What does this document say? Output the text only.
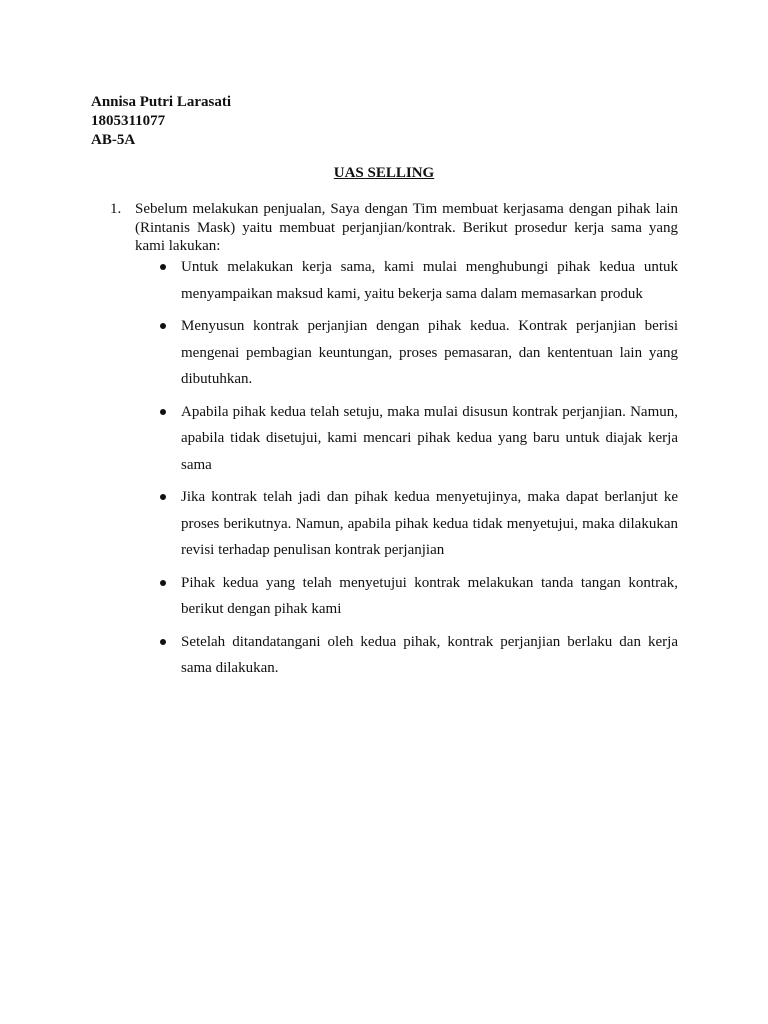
Annisa Putri Larasati
1805311077
AB-5A
UAS SELLING
1. Sebelum melakukan penjualan, Saya dengan Tim membuat kerjasama dengan pihak lain (Rintanis Mask) yaitu membuat perjanjian/kontrak. Berikut prosedur kerja sama yang kami lakukan:
Untuk melakukan kerja sama, kami mulai menghubungi pihak kedua untuk menyampaikan maksud kami, yaitu bekerja sama dalam memasarkan produk
Menyusun kontrak perjanjian dengan pihak kedua. Kontrak perjanjian berisi mengenai pembagian keuntungan, proses pemasaran, dan kententuan lain yang dibutuhkan.
Apabila pihak kedua telah setuju, maka mulai disusun kontrak perjanjian. Namun, apabila tidak disetujui, kami mencari pihak kedua yang baru untuk diajak kerja sama
Jika kontrak telah jadi dan pihak kedua menyetujinya, maka dapat berlanjut ke proses berikutnya. Namun, apabila pihak kedua tidak menyetujui, maka dilakukan revisi terhadap penulisan kontrak perjanjian
Pihak kedua yang telah menyetujui kontrak melakukan tanda tangan kontrak, berikut dengan pihak kami
Setelah ditandatangani oleh kedua pihak, kontrak perjanjian berlaku dan kerja sama dilakukan.
